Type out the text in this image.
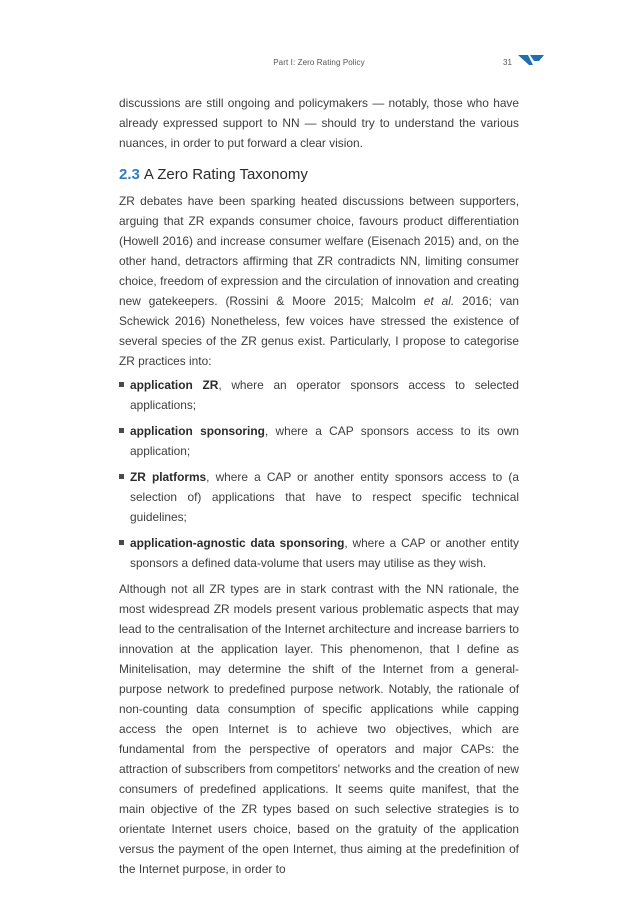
Part I: Zero Rating Policy	31

discussions are still ongoing and policymakers — notably, those who have already expressed support to NN — should try to understand the various nuances, in order to put forward a clear vision.

2.3 A Zero Rating Taxonomy

ZR debates have been sparking heated discussions between supporters, arguing that ZR expands consumer choice, favours product differentiation (Howell 2016) and increase consumer welfare (Eisenach 2015) and, on the other hand, detractors affirming that ZR contradicts NN, limiting consumer choice, freedom of expression and the circulation of innovation and creating new gatekeepers. (Rossini & Moore 2015; Malcolm et al. 2016; van Schewick 2016) Nonetheless, few voices have stressed the existence of several species of the ZR genus exist. Particularly, I propose to categorise ZR practices into:

application ZR, where an operator sponsors access to selected applications;
application sponsoring, where a CAP sponsors access to its own application;
ZR platforms, where a CAP or another entity sponsors access to (a selection of) applications that have to respect specific technical guidelines;
application-agnostic data sponsoring, where a CAP or another entity sponsors a defined data-volume that users may utilise as they wish.

Although not all ZR types are in stark contrast with the NN rationale, the most widespread ZR models present various problematic aspects that may lead to the centralisation of the Internet architecture and increase barriers to innovation at the application layer. This phenomenon, that I define as Minitelisation, may determine the shift of the Internet from a general-purpose network to predefined purpose network. Notably, the rationale of non-counting data consumption of specific applications while capping access the open Internet is to achieve two objectives, which are fundamental from the perspective of operators and major CAPs: the attraction of subscribers from competitors' networks and the creation of new consumers of predefined applications. It seems quite manifest, that the main objective of the ZR types based on such selective strategies is to orientate Internet users choice, based on the gratuity of the application versus the payment of the open Internet, thus aiming at the predefinition of the Internet purpose, in order to
